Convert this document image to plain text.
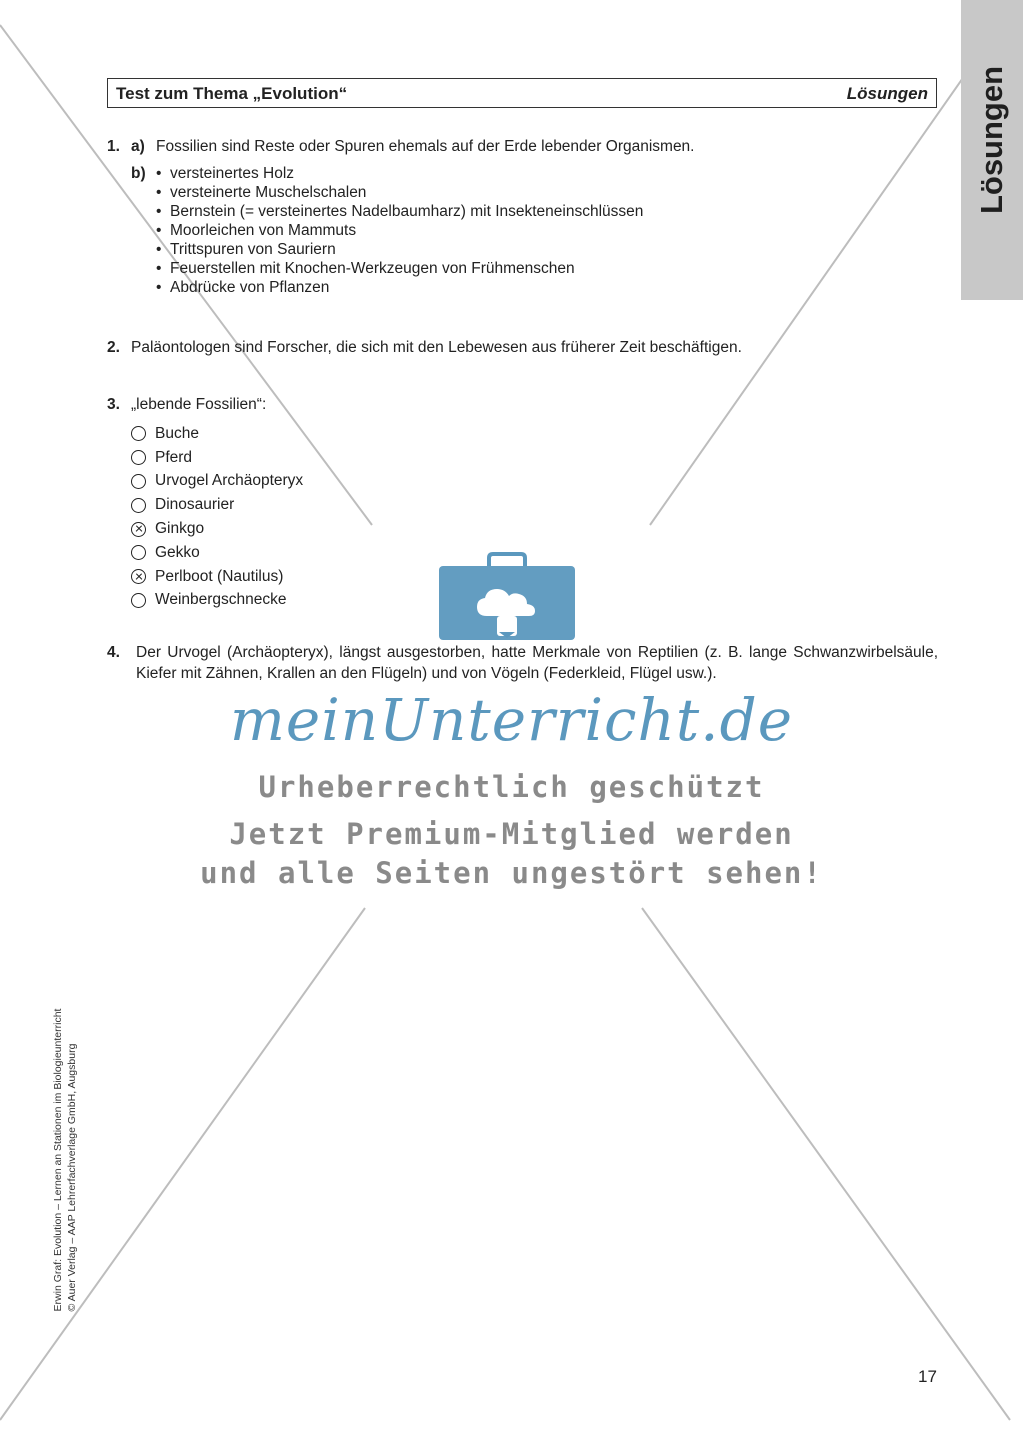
Lösungen
Test zum Thema „Evolution“	Lösungen
1. a) Fossilien sind Reste oder Spuren ehemals auf der Erde lebender Organismen.
b)
•	versteinertes Holz
• versteinerte Muschelschalen
• Bernstein (= versteinertes Nadelbaumharz) mit Insekteneinschlüssen
• Moorleichen von Mammuts
• Trittspuren von Sauriern
• Feuerstellen mit Knochen-Werkzeugen von Frühmenschen
• Abdrücke von Pflanzen
2. Paläontologen sind Forscher, die sich mit den Lebewesen aus früherer Zeit beschäftigen.
3. „lebende Fossilien“:
Buche
Pferd
Urvogel Archäopteryx
Dinosaurier
Ginkgo
Gekko
Perlboot (Nautilus)
Weinbergschnecke
4. Der Urvogel (Archäopteryx), längst ausgestorben, hatte Merkmale von Reptilien (z. B. lange Schwanzwirbelsäule, Kiefer mit Zähnen, Krallen an den Flügeln) und von Vögeln (Federkleid, Flügel usw.).
meinUnterricht.de
Urheberrechtlich geschützt
Jetzt Premium-Mitglied werden
und alle Seiten ungestört sehen!
Erwin Graf: Evolution – Lernen an Stationen im Biologieunterricht © Auer Verlag – AAP Lehrerfachverlage GmbH, Augsburg
17
